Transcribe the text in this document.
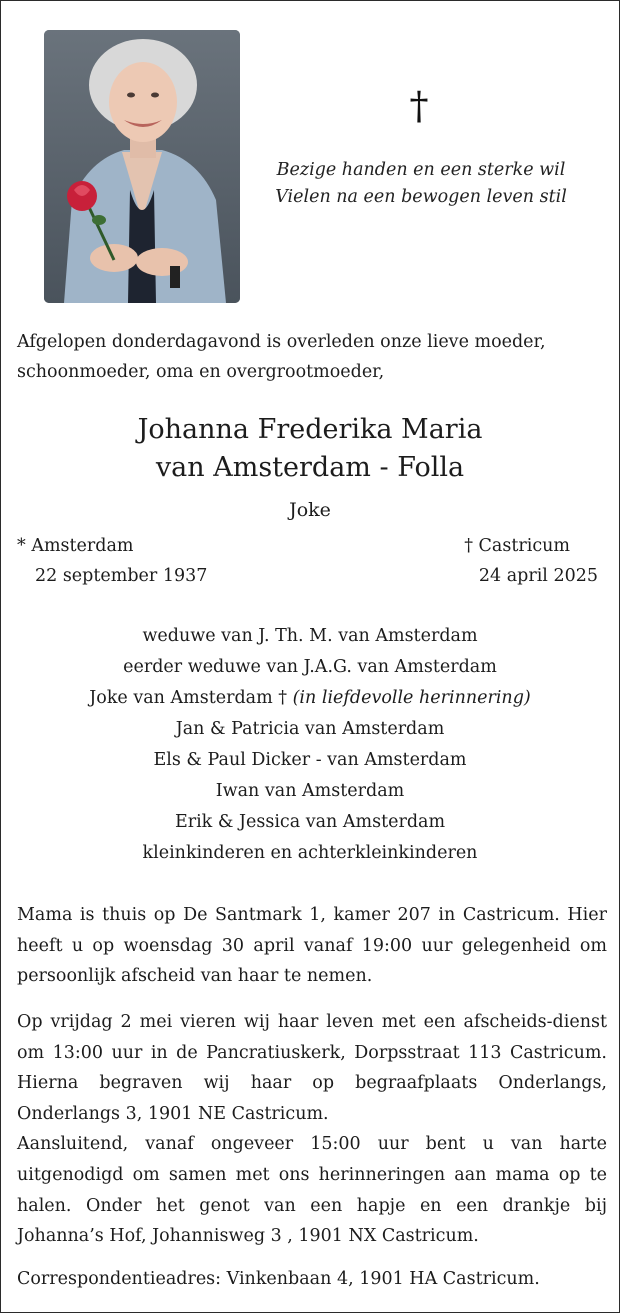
†
Bezige handen en een sterke wil
Vielen na een bewogen leven stil
Afgelopen donderdagavond is overleden onze lieve moeder,
schoonmoeder, oma en overgrootmoeder,
Johanna Frederika Maria
van Amsterdam - Folla
Joke
* Amsterdam
22 september 1937
† Castricum
24 april 2025
weduwe van J. Th. M. van Amsterdam
eerder weduwe van J.A.G. van Amsterdam
Joke van Amsterdam † (in liefdevolle herinnering)
Jan & Patricia van Amsterdam
Els & Paul Dicker - van Amsterdam
Iwan van Amsterdam
Erik & Jessica van Amsterdam
kleinkinderen en achterkleinkinderen
Mama is thuis op De Santmark 1, kamer 207 in Castricum. Hier heeft u op woensdag 30 april vanaf 19:00 uur gelegenheid om persoonlijk afscheid van haar te nemen.
Op vrijdag 2 mei vieren wij haar leven met een afscheids-dienst om 13:00 uur in de Pancratiuskerk, Dorpsstraat 113 Castricum. Hierna begraven wij haar op begraafplaats Onderlangs, Onderlangs 3, 1901 NE Castricum.
Aansluitend, vanaf ongeveer 15:00 uur bent u van harte uitgenodigd om samen met ons herinneringen aan mama op te halen. Onder het genot van een hapje en een drankje bij Johanna’s Hof, Johannisweg 3 , 1901 NX Castricum.
Correspondentieadres: Vinkenbaan 4, 1901 HA Castricum.
